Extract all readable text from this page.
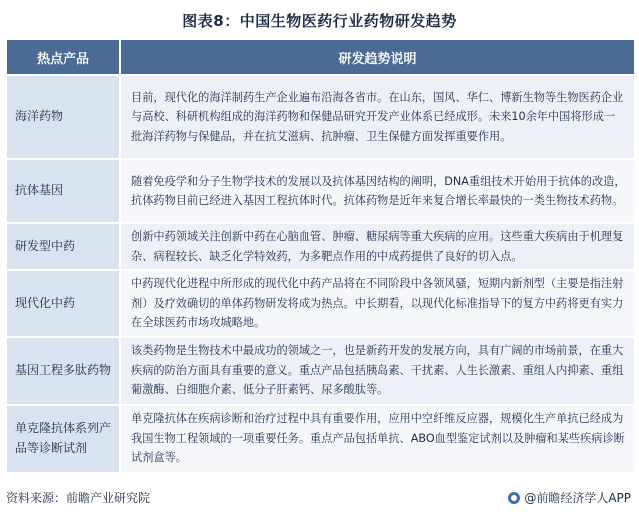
图表8：中国生物医药行业药物研发趋势
热点产品	研发趋势说明
海洋药物	目前，现代化的海洋制药生产企业遍布沿海各省市。在山东，国风、华仁、博新生物等生物医药企业与高校、科研机构组成的海洋药物和保健品研究开发产业体系已经成形。未来10余年中国将形成一批海洋药物与保健品，并在抗艾滋病、抗肿瘤、卫生保健方面发挥重要作用。
抗体基因	随着免疫学和分子生物学技术的发展以及抗体基因结构的阐明，DNA重组技术开始用于抗体的改造，抗体药物目前已经进入基因工程抗体时代。抗体药物是近年来复合增长率最快的一类生物技术药物。
研发型中药	创新中药领域关注创新中药在心脑血管、肿瘤、糖尿病等重大疾病的应用。这些重大疾病由于机理复杂、病程较长、缺乏化学特效药，为多靶点作用的中成药提供了良好的切入点。
现代化中药	中药现代化进程中所形成的现代化中药产品将在不同阶段中各领风骚，短期内新剂型（主要是指注射剂）及疗效确切的单体药物研发将成为热点。中长期看，以现代化标准指导下的复方中药将更有实力在全球医药市场攻城略地。
基因工程多肽药物	该类药物是生物技术中最成功的领域之一，也是新药开发的发展方向，具有广阔的市场前景，在重大疾病的防治方面具有重要的意义。重点产品包括胰岛素、干扰素、人生长激素、重组人内抑素、重组葡激酶、白细胞介素、低分子肝素钙、尿多酸肽等。
单克隆抗体系列产品等诊断试剂	单克隆抗体在疾病诊断和治疗过程中具有重要作用，应用中空纤维反应器，规模化生产单抗已经成为我国生物工程领域的一项重要任务。重点产品包括单抗、ABO血型鉴定试剂以及肿瘤和某些疾病诊断试剂盒等。
资料来源：前瞻产业研究院	@前瞻经济学人APP
